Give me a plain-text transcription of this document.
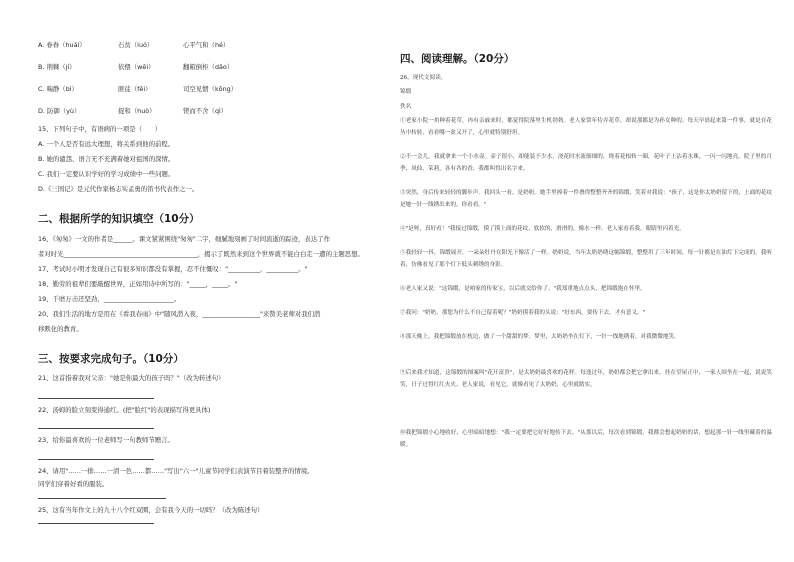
A. 眷眷（huái）	石贫（luó）	心平气和（hé）
B. 荆棘（jí）	依偎（wēi）	翻箱倒柜（dǎo）
C. 喘静（bì）	匪徒（fěi）	司空见惯（kōng）
D. 防御（yù）	捉和（huò）	锲而不舍（qì）
15、下列句子中，有语病的一项是（　　）
A. 一个人是否有远大理想，将关系到他的前程。
B. 她的谴怨、语言无不充满着她对祖国的深情。
C. 我们一定要认识学好的学习成绩中一些问题。
D.《三国记》是元代作家杨志实孟勇的笛书代表作之一。
二、根据所学的知识填空（10分）
16、《匆匆》一文的作者是______。课文紧紧围绕"匆匆"二字，细腻地刻画了时间流逝的踪迹，表达了作
者对时光__________________________________________，揭示了既然来到这个世界就不能白白走一遭的主题思想。
17、考试时小明才发现自己有很多知识都没有掌握，忍不住慨叹："__________，__________。"
18、勤劳的祖辈们要敲醒世界，正如用诗中所写的："_____，_____。"
19、千磨万击还坚劲，______________________。
20、我们生活的地方是用在《看我春雨》中"随风潜入夜，__________________"来赞美老师对我们潜
移默化的教育。
三、按要求完成句子。（10分）
21、这首指着我对父亲："她是你最大的孩子吗？"（改为转述句）
22、汤姆的脸立刻变得通红。(把"脸红"的表现描写得更具体)
23、给你最喜欢的一位老师写一句教师节赠言。
24、请用"……一排……一清一色……都……"写出"六一"儿童节同学们表演节目着装整齐的情境。
同学们穿着好看的服装。
25、这有当年作文上的九十八个红双圈，会有我今天的一切吗？（改为陈述句）
四、阅读理解。（20分）
26、现代文阅读。
锦缎
佚名

①老家小院一角种着花草，冉有亲戚来时，都觉得院落里生机勃勃。老人家常年侍弄花草，却说那都是为孙女种的。每天早晨起来第一件事，就是在花丛中转转，看看哪一盆又开了，心里就特别舒坦。

②不一会儿，我就拿来一个小水壶。壶子很小，却能装不少水，浇花时水流细细的，绕着花根转一圈，花叶子上沾着水珠，一闪一闪地亮。院子里的月季、凤仙、茉莉，各有各的香，我都叫得出名字来。

③突然，身后传来轻轻的脚步声。我回头一看，是奶奶。她手里捧着一件叠得整整齐齐的锦缎，笑着对我说："孩子，这是你太奶奶留下的，上面的花纹是她一针一线绣出来的，你看看。"

④"是呀，真好看！"我接过锦缎，摸了摸上面的花纹，软软的，滑滑的，像水一样。老人家看着我，眼睛里闪着光。

⑤我轻轻一抖，锦缎展开，一朵朵牡丹在阳光下像活了一样。奶奶说，当年太奶奶绣这幅锦缎，整整用了三年时间，每一针都是在油灯下完成的。我听着，仿佛看见了那个灯下低头刺绣的身影。

⑥老人家又说："这锦缎，是咱家的传家宝，以后就交给你了。"我郑重地点点头，把锦缎抱在怀里。

⑦我问："奶奶，那您为什么不自己留着呢？"奶奶摸着我的头说："好东西，要传下去，才有意义。"

⑧那天晚上，我把锦缎放在枕边，做了一个甜甜的梦。梦里，太奶奶坐在灯下，一针一线地绣着，对我微微地笑。

⑨后来我才知道，这锦缎的图案叫"花开富贵"，是太奶奶最喜欢的花样。每逢过年，奶奶都会把它拿出来，挂在堂屋正中，一家人围坐在一起，说说笑笑，日子过得红红火火。老人家说，看见它，就像看见了太奶奶，心里就踏实。

⑩我把锦缎小心地收好，心里暗暗地想："我一定要把它好好地传下去。"从那以后，每次看到锦缎，我都会想起奶奶的话，想起那一针一线里藏着的温暖。
